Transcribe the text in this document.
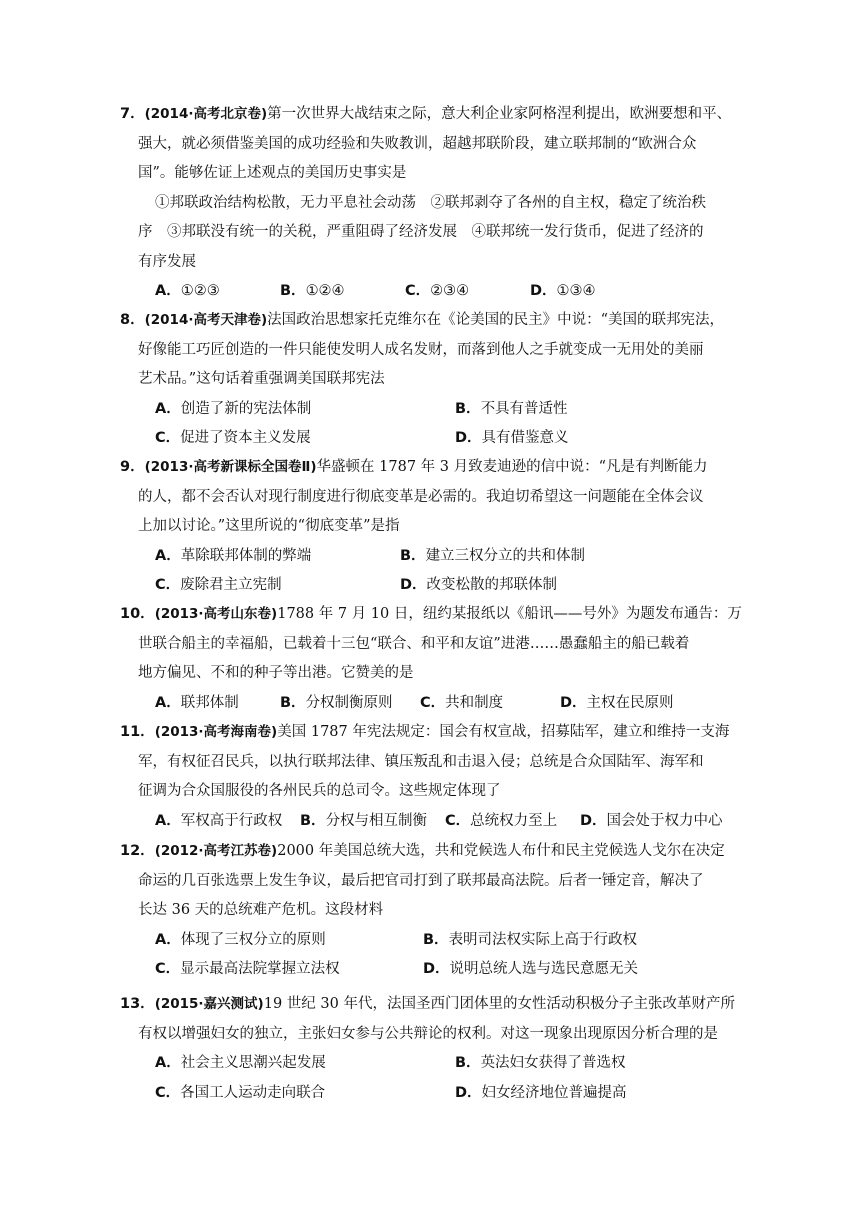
7．(2014·高考北京卷)第一次世界大战结束之际，意大利企业家阿格涅利提出，欧洲要想和平、
强大，就必须借鉴美国的成功经验和失败教训，超越邦联阶段，建立联邦制的“欧洲合众
国”。能够佐证上述观点的美国历史事实是
①邦联政治结构松散，无力平息社会动荡　②联邦剥夺了各州的自主权，稳定了统治秩
序　③邦联没有统一的关税，严重阻碍了经济发展　④联邦统一发行货币，促进了经济的
有序发展
A．①②③	B．①②④	C．②③④	D．①③④
8．(2014·高考天津卷)法国政治思想家托克维尔在《论美国的民主》中说：“美国的联邦宪法，
好像能工巧匠创造的一件只能使发明人成名发财，而落到他人之手就变成一无用处的美丽
艺术品。”这句话着重强调美国联邦宪法
A．创造了新的宪法体制	B．不具有普适性
C．促进了资本主义发展	D．具有借鉴意义
9．(2013·高考新课标全国卷Ⅱ)华盛顿在 1787 年 3 月致麦迪逊的信中说：“凡是有判断能力
的人，都不会否认对现行制度进行彻底变革是必需的。我迫切希望这一问题能在全体会议
上加以讨论。”这里所说的“彻底变革”是指
A．革除联邦体制的弊端	B．建立三权分立的共和体制
C．废除君主立宪制	D．改变松散的邦联体制
10．(2013·高考山东卷)1788 年 7 月 10 日，纽约某报纸以《船讯——号外》为题发布通告：万
世联合船主的幸福船，已载着十三包“联合、和平和友谊”进港……愚蠢船主的船已载着
地方偏见、不和的种子等出港。它赞美的是
A．联邦体制	B．分权制衡原则	C．共和制度	D．主权在民原则
11．(2013·高考海南卷)美国 1787 年宪法规定：国会有权宣战，招募陆军，建立和维持一支海
军，有权征召民兵，以执行联邦法律、镇压叛乱和击退入侵；总统是合众国陆军、海军和
征调为合众国服役的各州民兵的总司令。这些规定体现了
A．军权高于行政权	B．分权与相互制衡	C．总统权力至上	D．国会处于权力中心
12．(2012·高考江苏卷)2000 年美国总统大选，共和党候选人布什和民主党候选人戈尔在决定
命运的几百张选票上发生争议，最后把官司打到了联邦最高法院。后者一锤定音，解决了
长达 36 天的总统难产危机。这段材料
A．体现了三权分立的原则	B．表明司法权实际上高于行政权
C．显示最高法院掌握立法权	D．说明总统人选与选民意愿无关
13．(2015·嘉兴测试)19 世纪 30 年代，法国圣西门团体里的女性活动积极分子主张改革财产所
有权以增强妇女的独立，主张妇女参与公共辩论的权利。对这一现象出现原因分析合理的是
A．社会主义思潮兴起发展	B．英法妇女获得了普选权
C．各国工人运动走向联合	D．妇女经济地位普遍提高
